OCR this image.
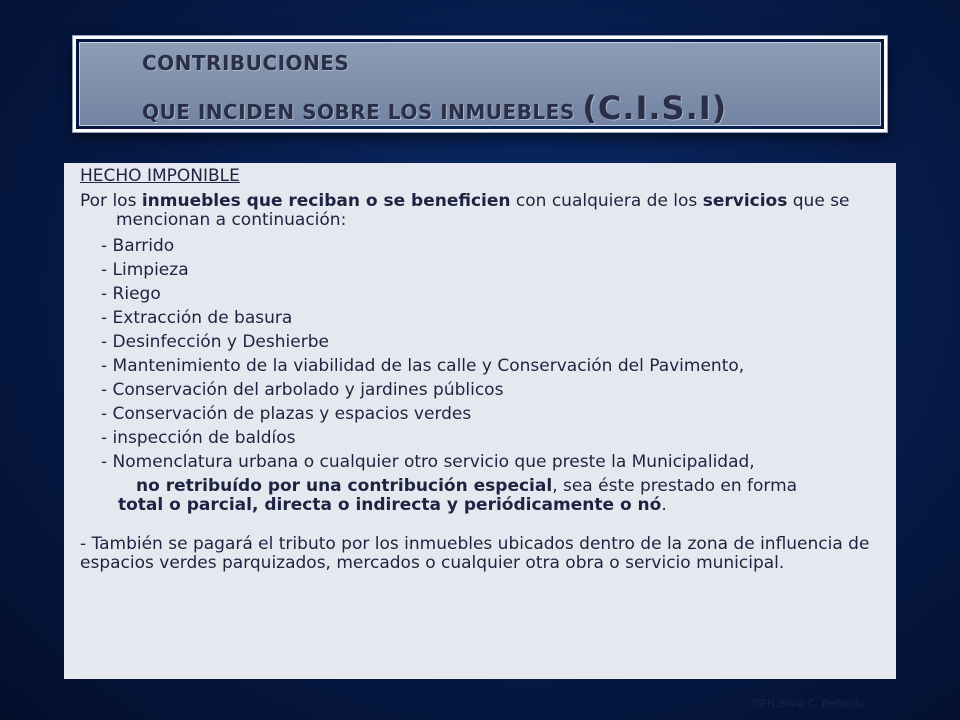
CONTRIBUCIONES
QUE INCIDEN SOBRE LOS INMUEBLES (C.I.S.I)
HECHO IMPONIBLE
Por los inmuebles que reciban o se beneficien con cualquiera de los servicios que se mencionan a continuación:
- Barrido
- Limpieza
- Riego
- Extracción de basura
- Desinfección y Deshierbe
- Mantenimiento de la viabilidad de las calle y Conservación del Pavimento,
- Conservación del arbolado y jardines públicos
- Conservación de plazas y espacios verdes
- inspección de baldíos
- Nomenclatura urbana o cualquier otro servicio que preste la Municipalidad,
no retribuído por una contribución especial, sea éste prestado en forma
total o parcial, directa o indirecta y periódicamente o nó.
- También se pagará el tributo por los inmuebles ubicados dentro de la zona de influencia de espacios verdes parquizados, mercados o cualquier otra obra o servicio municipal.
CPN Silvio C. Bellomio
